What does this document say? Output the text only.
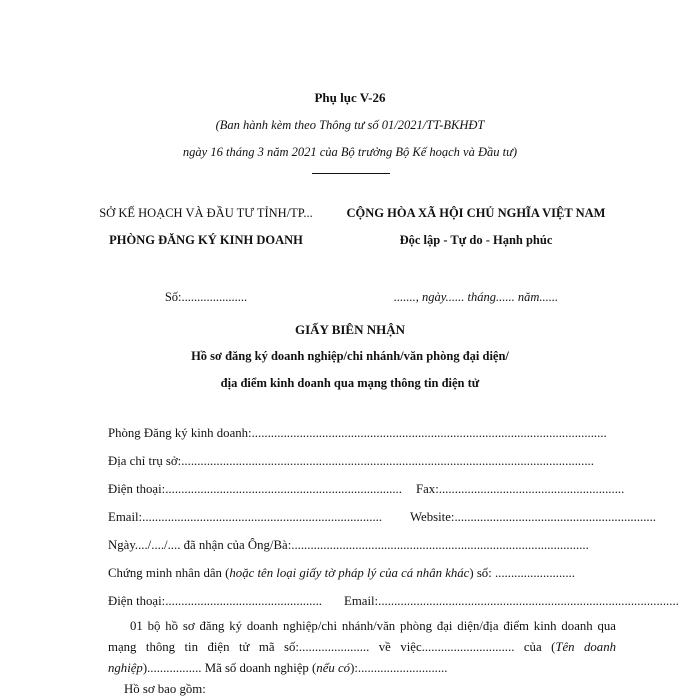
Phụ lục V-26
(Ban hành kèm theo Thông tư số 01/2021/TT-BKHĐT
ngày 16 tháng 3 năm 2021 của Bộ trưởng Bộ Kế hoạch và Đầu tư)
SỞ KẾ HOẠCH VÀ ĐẦU TƯ TỈNH/TP...
PHÒNG ĐĂNG KÝ KINH DOANH
CỘNG HÒA XÃ HỘI CHỦ NGHĨA VIỆT NAM
Độc lập - Tự do - Hạnh phúc
Số:.....................	......., ngày...... tháng...... năm......
GIẤY BIÊN NHẬN
Hồ sơ đăng ký doanh nghiệp/chi nhánh/văn phòng đại diện/
địa điểm kinh doanh qua mạng thông tin điện tử
Phòng Đăng ký kinh doanh:...............................................................................................................
Địa chỉ trụ sở:.................................................................................................................................
Điện thoại:..........................................................................	Fax:..........................................................
Email:...........................................................................	Website:...............................................................
Ngày..../..../.... đã nhận của Ông/Bà:.............................................................................................
Chứng minh nhân dân (hoặc tên loại giấy tờ pháp lý của cá nhân khác) số: .........................
Điện thoại:.................................................	Email:..............................................................................................
01 bộ hồ sơ đăng ký doanh nghiệp/chi nhánh/văn phòng đại diện/địa điểm kinh doanh qua mạng thông tin điện tử mã số:...................... về việc............................. của (Tên doanh nghiệp)................. Mã số doanh nghiệp (nếu có):............................
Hồ sơ bao gồm:
